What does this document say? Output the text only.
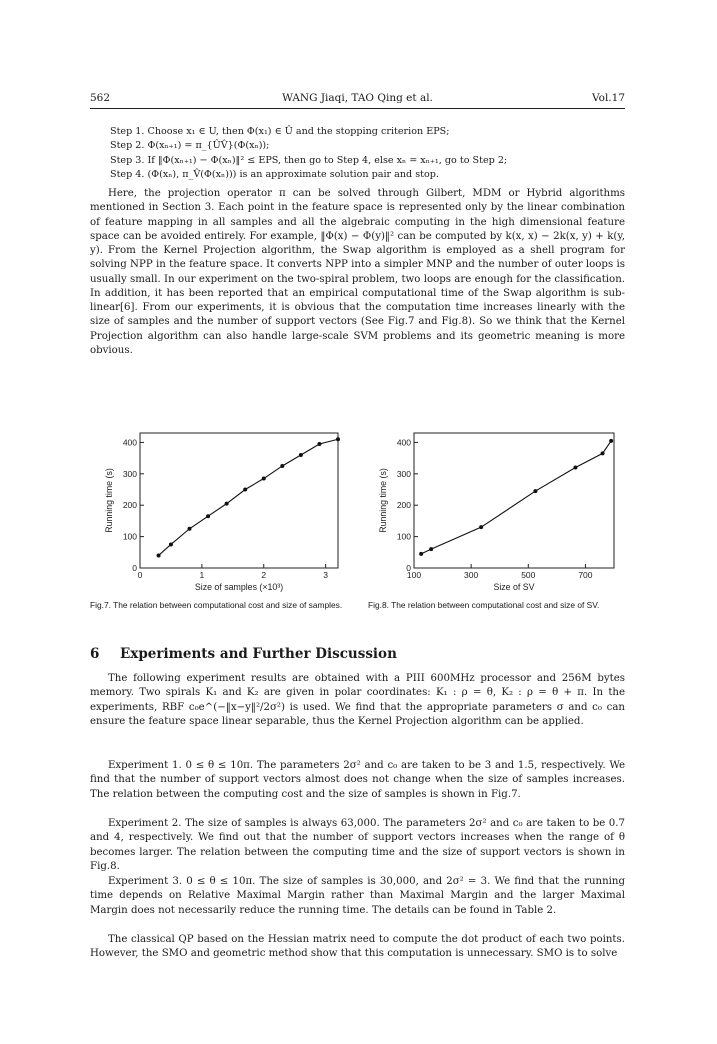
562	WANG Jiaqi, TAO Qing et al.	Vol.17
Step 1. Choose x₁ ∈ U, then Φ(x₁) ∈ Û and the stopping criterion EPS;
Step 2. Φ(xₙ₊₁) = π_{ÛV̂}(Φ(xₙ));
Step 3. If ‖Φ(xₙ₊₁) − Φ(xₙ)‖² ≤ EPS, then go to Step 4, else xₙ = xₙ₊₁, go to Step 2;
Step 4. (Φ(xₙ), π_V̂(Φ(xₙ))) is an approximate solution pair and stop.

Here, the projection operator π can be solved through Gilbert, MDM or Hybrid algorithms mentioned in Section 3. Each point in the feature space is represented only by the linear combination of feature mapping in all samples and all the algebraic computing in the high dimensional feature space can be avoided entirely. For example, ‖Φ(x) − Φ(y)‖² can be computed by k(x, x) − 2k(x, y) + k(y, y). From the Kernel Projection algorithm, the Swap algorithm is employed as a shell program for solving NPP in the feature space. It converts NPP into a simpler MNP and the number of outer loops is usually small. In our experiment on the two-spiral problem, two loops are enough for the classification. In addition, it has been reported that an empirical computational time of the Swap algorithm is sub-linear[6]. From our experiments, it is obvious that the computation time increases linearly with the size of samples and the number of support vectors (See Fig.7 and Fig.8). So we think that the Kernel Projection algorithm can also handle large-scale SVM problems and its geometric meaning is more obvious.

0
100
200
300
400
0	1	2	3
Size of samples (×10³)
Running time (s)
Fig.7. The relation between computational cost and size of samples.
0
100
200
300
400
100	300	500	700
Size of SV
Running time (s)
Fig.8. The relation between computational cost and size of SV.
6 Experiments and Further Discussion

The following experiment results are obtained with a PIII 600MHz processor and 256M bytes memory. Two spirals K₁ and K₂ are given in polar coordinates: K₁ : ρ = θ, K₂ : ρ = θ + π. In the experiments, RBF c₀e^(−‖x−y‖²/2σ²) is used. We find that the appropriate parameters σ and c₀ can ensure the feature space linear separable, thus the Kernel Projection algorithm can be applied.

Experiment 1. 0 ≤ θ ≤ 10π. The parameters 2σ² and c₀ are taken to be 3 and 1.5, respectively. We find that the number of support vectors almost does not change when the size of samples increases. The relation between the computing cost and the size of samples is shown in Fig.7.

Experiment 2. The size of samples is always 63,000. The parameters 2σ² and c₀ are taken to be 0.7 and 4, respectively. We find out that the number of support vectors increases when the range of θ becomes larger. The relation between the computing time and the size of support vectors is shown in Fig.8.

Experiment 3. 0 ≤ θ ≤ 10π. The size of samples is 30,000, and 2σ² = 3. We find that the running time depends on Relative Maximal Margin rather than Maximal Margin and the larger Maximal Margin does not necessarily reduce the running time. The details can be found in Table 2.

The classical QP based on the Hessian matrix need to compute the dot product of each two points. However, the SMO and geometric method show that this computation is unnecessary. SMO is to solve
